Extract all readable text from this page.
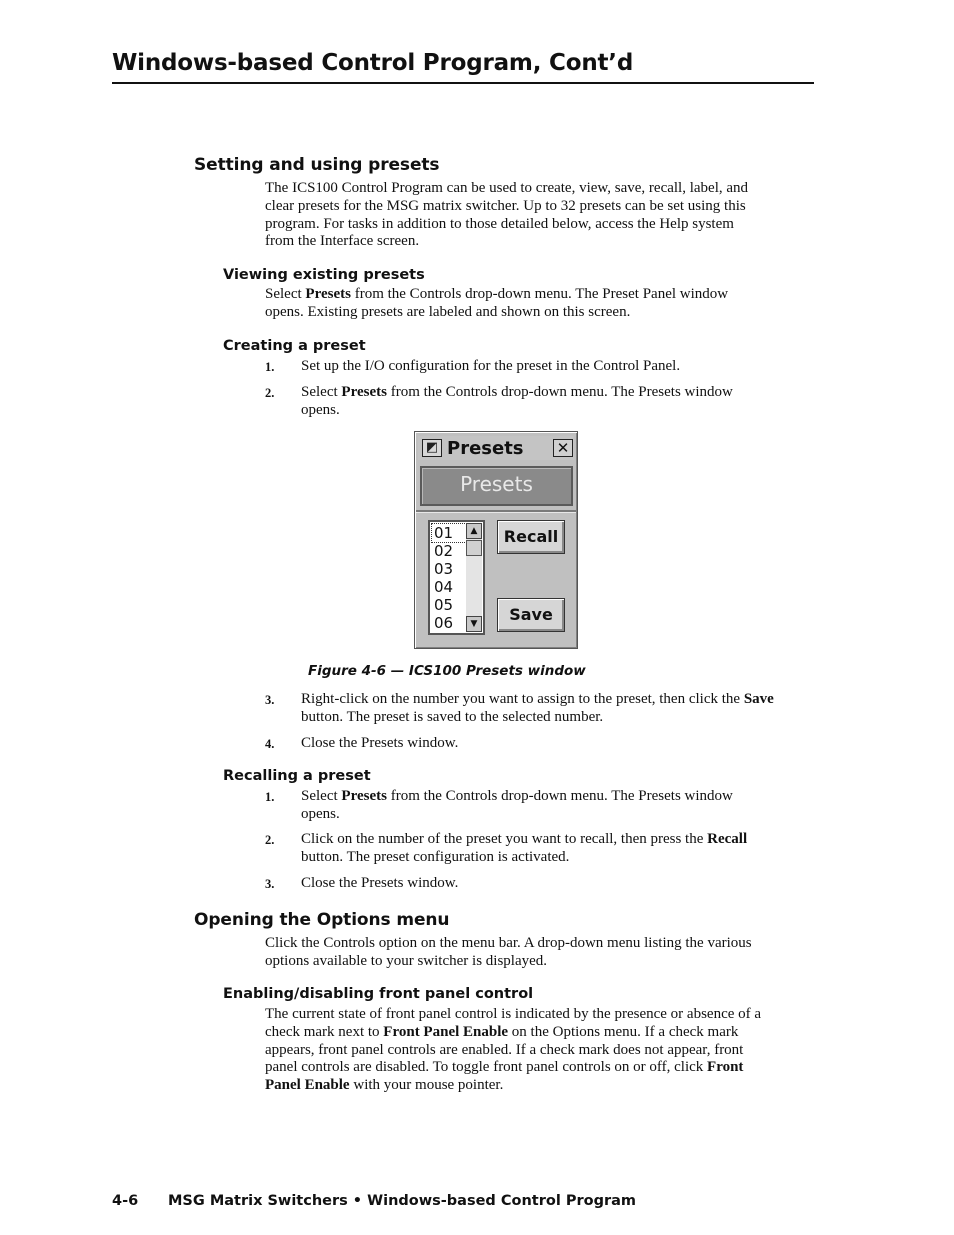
Windows-based Control Program, Cont’d
Setting and using presets
The ICS100 Control Program can be used to create, view, save, recall, label, and
clear presets for the MSG matrix switcher. Up to 32 presets can be set using this
program. For tasks in addition to those detailed below, access the Help system
from the Interface screen.
Viewing existing presets
Select Presets from the Controls drop-down menu. The Preset Panel window
opens. Existing presets are labeled and shown on this screen.
Creating a preset
1. Set up the I/O configuration for the preset in the Control Panel.
2. Select Presets from the Controls drop-down menu. The Presets window
opens.
◩ Presets ✕
Presets
01
02
03
04
05
06
▲
▼
Recall
Save
Figure 4-6 — ICS100 Presets window
3. Right-click on the number you want to assign to the preset, then click the Save
button. The preset is saved to the selected number.
4. Close the Presets window.
Recalling a preset
1. Select Presets from the Controls drop-down menu. The Presets window
opens.
2. Click on the number of the preset you want to recall, then press the Recall
button. The preset configuration is activated.
3. Close the Presets window.
Opening the Options menu
Click the Controls option on the menu bar. A drop-down menu listing the various
options available to your switcher is displayed.
Enabling/disabling front panel control
The current state of front panel control is indicated by the presence or absence of a
check mark next to Front Panel Enable on the Options menu. If a check mark
appears, front panel controls are enabled. If a check mark does not appear, front
panel controls are disabled. To toggle front panel controls on or off, click Front
Panel Enable with your mouse pointer.
4-6 MSG Matrix Switchers • Windows-based Control Program
